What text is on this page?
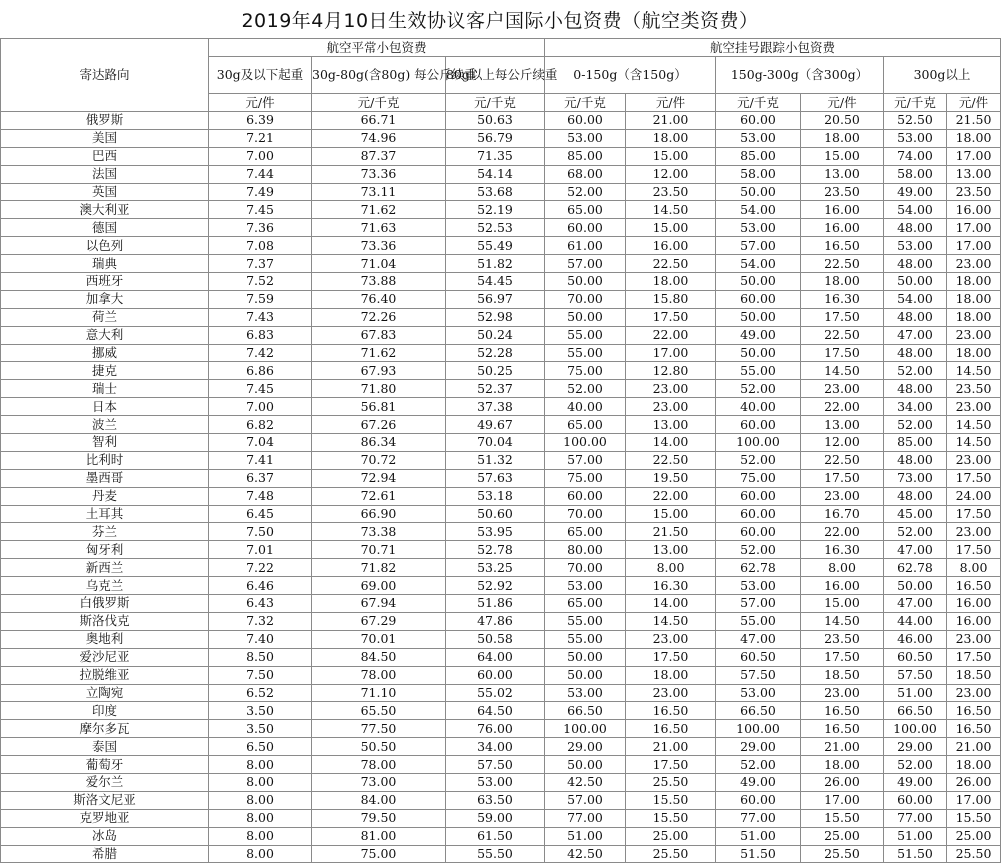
2019年4月10日生效协议客户国际小包资费（航空类资费）
寄达路向	航空平常小包资费			航空挂号跟踪小包资费					
	30g及以下起重	30g-80g(含80g) 每公斤续重	80g以上每公斤续重	0-150g（含150g）		150g-300g（含300g）		300g以上	
	元/件	元/千克	元/千克	元/千克	元/件	元/千克	元/件	元/千克	元/件
俄罗斯	6.39	66.71	50.63	60.00	21.00	60.00	20.50	52.50	21.50
美国	7.21	74.96	56.79	53.00	18.00	53.00	18.00	53.00	18.00
巴西	7.00	87.37	71.35	85.00	15.00	85.00	15.00	74.00	17.00
法国	7.44	73.36	54.14	68.00	12.00	58.00	13.00	58.00	13.00
英国	7.49	73.11	53.68	52.00	23.50	50.00	23.50	49.00	23.50
澳大利亚	7.45	71.62	52.19	65.00	14.50	54.00	16.00	54.00	16.00
德国	7.36	71.63	52.53	60.00	15.00	53.00	16.00	48.00	17.00
以色列	7.08	73.36	55.49	61.00	16.00	57.00	16.50	53.00	17.00
瑞典	7.37	71.04	51.82	57.00	22.50	54.00	22.50	48.00	23.00
西班牙	7.52	73.88	54.45	50.00	18.00	50.00	18.00	50.00	18.00
加拿大	7.59	76.40	56.97	70.00	15.80	60.00	16.30	54.00	18.00
荷兰	7.43	72.26	52.98	50.00	17.50	50.00	17.50	48.00	18.00
意大利	6.83	67.83	50.24	55.00	22.00	49.00	22.50	47.00	23.00
挪威	7.42	71.62	52.28	55.00	17.00	50.00	17.50	48.00	18.00
捷克	6.86	67.93	50.25	75.00	12.80	55.00	14.50	52.00	14.50
瑞士	7.45	71.80	52.37	52.00	23.00	52.00	23.00	48.00	23.50
日本	7.00	56.81	37.38	40.00	23.00	40.00	22.00	34.00	23.00
波兰	6.82	67.26	49.67	65.00	13.00	60.00	13.00	52.00	14.50
智利	7.04	86.34	70.04	100.00	14.00	100.00	12.00	85.00	14.50
比利时	7.41	70.72	51.32	57.00	22.50	52.00	22.50	48.00	23.00
墨西哥	6.37	72.94	57.63	75.00	19.50	75.00	17.50	73.00	17.50
丹麦	7.48	72.61	53.18	60.00	22.00	60.00	23.00	48.00	24.00
土耳其	6.45	66.90	50.60	70.00	15.00	60.00	16.70	45.00	17.50
芬兰	7.50	73.38	53.95	65.00	21.50	60.00	22.00	52.00	23.00
匈牙利	7.01	70.71	52.78	80.00	13.00	52.00	16.30	47.00	17.50
新西兰	7.22	71.82	53.25	70.00	8.00	62.78	8.00	62.78	8.00
乌克兰	6.46	69.00	52.92	53.00	16.30	53.00	16.00	50.00	16.50
白俄罗斯	6.43	67.94	51.86	65.00	14.00	57.00	15.00	47.00	16.00
斯洛伐克	7.32	67.29	47.86	55.00	14.50	55.00	14.50	44.00	16.00
奥地利	7.40	70.01	50.58	55.00	23.00	47.00	23.50	46.00	23.00
爱沙尼亚	8.50	84.50	64.00	50.00	17.50	60.50	17.50	60.50	17.50
拉脱维亚	7.50	78.00	60.00	50.00	18.00	57.50	18.50	57.50	18.50
立陶宛	6.52	71.10	55.02	53.00	23.00	53.00	23.00	51.00	23.00
印度	3.50	65.50	64.50	66.50	16.50	66.50	16.50	66.50	16.50
摩尔多瓦	3.50	77.50	76.00	100.00	16.50	100.00	16.50	100.00	16.50
泰国	6.50	50.50	34.00	29.00	21.00	29.00	21.00	29.00	21.00
葡萄牙	8.00	78.00	57.50	50.00	17.50	52.00	18.00	52.00	18.00
爱尔兰	8.00	73.00	53.00	42.50	25.50	49.00	26.00	49.00	26.00
斯洛文尼亚	8.00	84.00	63.50	57.00	15.50	60.00	17.00	60.00	17.00
克罗地亚	8.00	79.50	59.00	77.00	15.50	77.00	15.50	77.00	15.50
冰岛	8.00	81.00	61.50	51.00	25.00	51.00	25.00	51.00	25.00
希腊	8.00	75.00	55.50	42.50	25.50	51.50	25.50	51.50	25.50
